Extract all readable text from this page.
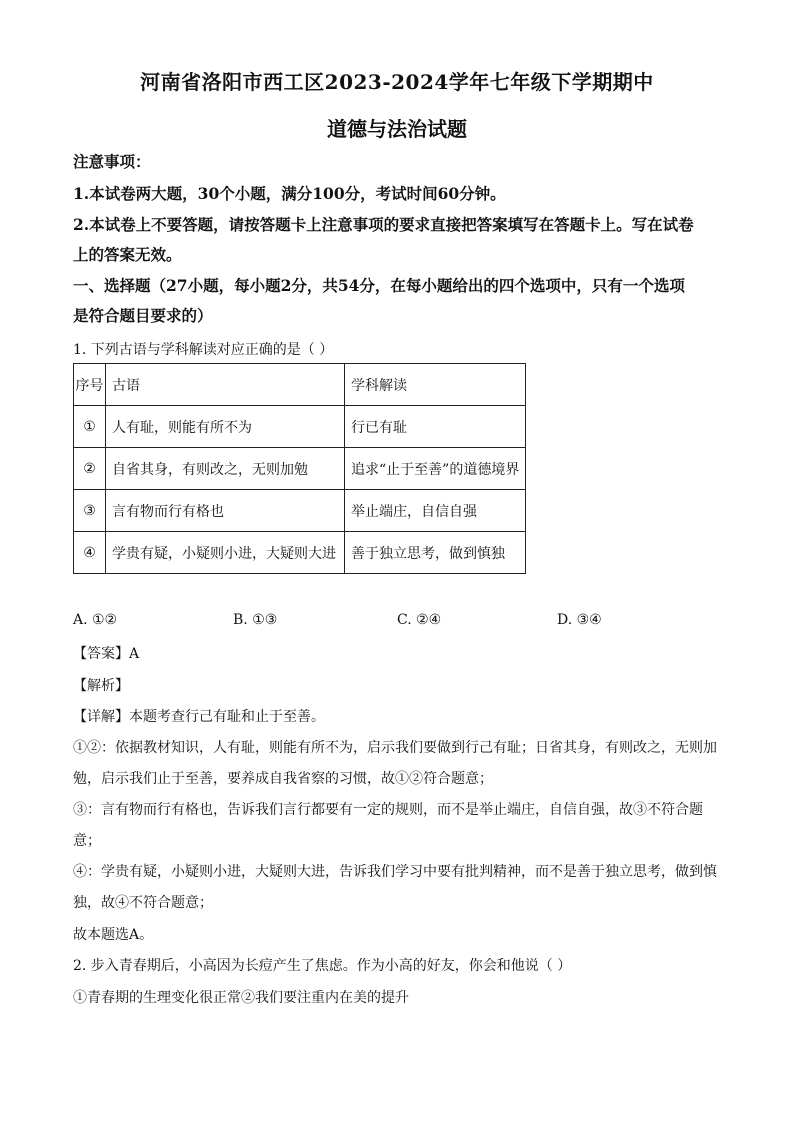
河南省洛阳市西工区2023-2024学年七年级下学期期中
道德与法治试题
注意事项：
1.本试卷两大题，30个小题，满分100分，考试时间60分钟。
2.本试卷上不要答题，请按答题卡上注意事项的要求直接把答案填写在答题卡上。写在试卷
上的答案无效。
一、选择题（27小题，每小题2分，共54分，在每小题给出的四个选项中，只有一个选项
是符合题目要求的）
1. 下列古语与学科解读对应正确的是（ ）
序号	古语	学科解读
①	人有耻，则能有所不为	行已有耻
②	自省其身，有则改之，无则加勉	追求“止于至善”的道德境界
③	言有物而行有格也	举止端庄，自信自强
④	学贵有疑，小疑则小进，大疑则大进	善于独立思考，做到慎独
A. ①②	B. ①③	C. ②④	D. ③④
【答案】A
【解析】
【详解】本题考查行己有耻和止于至善。
①②：依据教材知识，人有耻，则能有所不为，启示我们要做到行己有耻；日省其身，有则改之，无则加
勉，启示我们止于至善，要养成自我省察的习惯，故①②符合题意；
③：言有物而行有格也，告诉我们言行都要有一定的规则，而不是举止端庄，自信自强，故③不符合题
意；
④：学贵有疑，小疑则小进，大疑则大进，告诉我们学习中要有批判精神，而不是善于独立思考，做到慎
独，故④不符合题意；
故本题选A。
2. 步入青春期后，小高因为长痘产生了焦虑。作为小高的好友，你会和他说（ ）
①青春期的生理变化很正常②我们要注重内在美的提升
